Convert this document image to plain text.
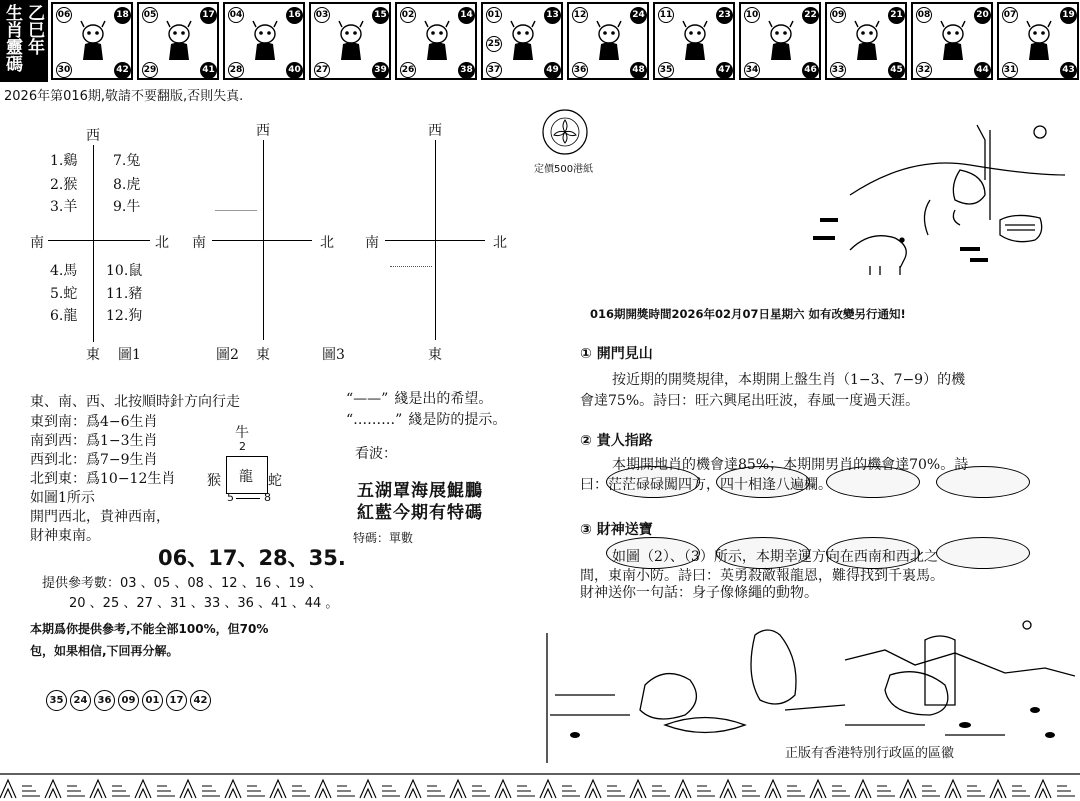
生肖靈碼 乙巳年 06	18
30	42
05	17
29	41
04	16
28	40
03	15
27	39
02	14
26	38
01	13
37	49
25
12	24
36	48
11	23
35	47
10	22
34	46
09	21
33	45
08	20
32	44
07	19
31	43
2026年第016期,敬請不要翻版,否則失真.
定價500港紙
西
南	北
東 圖1
1.鷄
2.猴
3.羊
4.馬
5.蛇
6.龍
7.兔
8.虎
9.牛
10.鼠
11.豬
12.狗
西
南	北
圖2 東	圖3
西
南	北
東
東、南、西、北按順時針方向行走
東到南：爲4−6生肖
南到西：爲1−3生肖
西到北：爲7−9生肖
北到東：爲10−12生肖
如圖1所示
開門西北，貴神西南，
財神東南。
牛
2
龍
猴	蛇
5	8
“——” 綫是出的希望。
“………” 綫是防的提示。
看波：
五湖罩海展鯤鵬
紅藍今期有特碼
特碼：單數
06、17、28、35.
提供參考數：03 、05 、08 、12 、16 、19 、
20 、25 、27 、31 、33 、36 、41 、44 。
本期爲你提供參考,不能全部100%，但70%
包，如果相信,下回再分解。
35 24 36 09 01 17 42
016期開獎時間2026年02月07日星期六 如有改變另行通知!
① 開門見山
按近期的開獎規律，本期開上盤生肖（1−3、7−9）的機
會達75%。詩曰：旺六興尾出旺波，春風一度過天涯。
② 貴人指路
本期開地肖的機會達85%；本期開男肖的機會達70%。詩
曰：茫茫碌碌闖四方，四十相逢八遍欄。
③ 財神送寶
如圖（2）、（3）所示，本期幸運方向在西南和西北之
間，東南小防。詩曰：英勇殺敵報龍恩，難得找到千裏馬。
財神送你一句話：身子像條繩的動物。
正版有香港特別行政區的區徽
